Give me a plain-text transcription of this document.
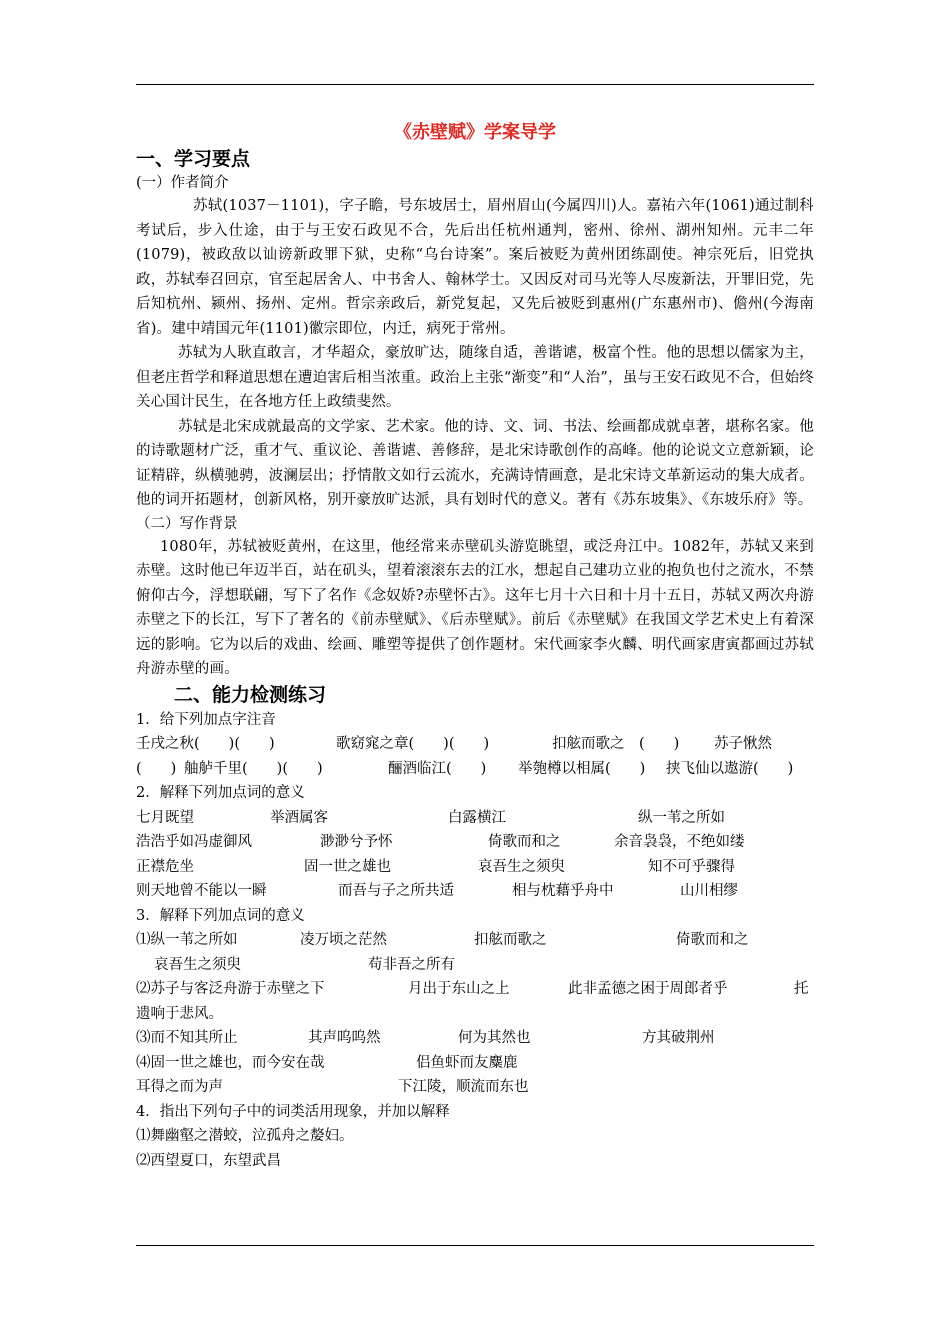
《赤壁赋》学案导学
一、学习要点
(一）作者简介

苏轼(1037－1101)，字子瞻，号东坡居士，眉州眉山(今属四川)人。嘉祐六年(1061)通过制科考试后，步入仕途，由于与王安石政见不合，先后出任杭州通判，密州、徐州、湖州知州。元丰二年(1079)，被政敌以讪谤新政罪下狱，史称“乌台诗案”。案后被贬为黄州团练副使。神宗死后，旧党执政，苏轼奉召回京，官至起居舍人、中书舍人、翰林学士。又因反对司马光等人尽废新法，开罪旧党，先后知杭州、颍州、扬州、定州。哲宗亲政后，新党复起，又先后被贬到惠州(广东惠州市)、儋州(今海南省)。建中靖国元年(1101)徽宗即位，内迁，病死于常州。

苏轼为人耿直敢言，才华超众，豪放旷达，随缘自适，善谐谑，极富个性。他的思想以儒家为主，但老庄哲学和释道思想在遭迫害后相当浓重。政治上主张“渐变”和“人治”，虽与王安石政见不合，但始终关心国计民生，在各地方任上政绩斐然。

苏轼是北宋成就最高的文学家、艺术家。他的诗、文、词、书法、绘画都成就卓著，堪称名家。他的诗歌题材广泛，重才气、重议论、善谐谑、善修辞，是北宋诗歌创作的高峰。他的论说文立意新颖，论证精辟，纵横驰骋，波澜层出；抒情散文如行云流水，充满诗情画意，是北宋诗文革新运动的集大成者。他的词开拓题材，创新风格，别开豪放旷达派，具有划时代的意义。著有《苏东坡集》、《东坡乐府》等。

（二）写作背景

1080年，苏轼被贬黄州，在这里，他经常来赤壁矶头游览眺望，或泛舟江中。1082年，苏轼又来到赤壁。这时他已年迈半百，站在矶头，望着滚滚东去的江水，想起自己建功立业的抱负也付之流水，不禁俯仰古今，浮想联翩，写下了名作《念奴娇?赤壁怀古》。这年七月十六日和十月十五日，苏轼又两次舟游赤壁之下的长江，写下了著名的《前赤壁赋》、《后赤壁赋》。前后《赤壁赋》在我国文学艺术史上有着深远的影响。它为以后的戏曲、绘画、雕塑等提供了创作题材。宋代画家李火麟、明代画家唐寅都画过苏轼舟游赤壁的画。

二、能力检测练习
1．给下列加点字注音
壬戌之秋(　　)(　　)	歌窈窕之章(　　)(　　)	扣舷而歌之　(　　) 苏子愀然
(　　) 舳舻千里(　　)(　　)	酾酒临江(　　) 举匏樽以相属(　　) 挟飞仙以遨游(　　)
2．解释下列加点词的意义
七月既望	举酒属客	白露横江	纵一苇之所如
浩浩乎如冯虚御风	渺渺兮予怀	倚歌而和之	余音袅袅，不绝如缕
正襟危坐	固一世之雄也	哀吾生之须臾	知不可乎骤得
则天地曾不能以一瞬	而吾与子之所共适	相与枕藉乎舟中	山川相缪
3．解释下列加点词的意义
⑴纵一苇之所如	凌万顷之茫然	扣舷而歌之	倚歌而和之
哀吾生之须臾	苟非吾之所有
⑵苏子与客泛舟游于赤壁之下	月出于东山之上	此非孟德之困于周郎者乎	托
遗响于悲风。
⑶而不知其所止	其声呜呜然	何为其然也	方其破荆州
⑷固一世之雄也，而今安在哉	侣鱼虾而友麋鹿
耳得之而为声	下江陵，顺流而东也
4．指出下列句子中的词类活用现象，并加以解释
⑴舞幽壑之潜蛟，泣孤舟之嫠妇。
⑵西望夏口，东望武昌
